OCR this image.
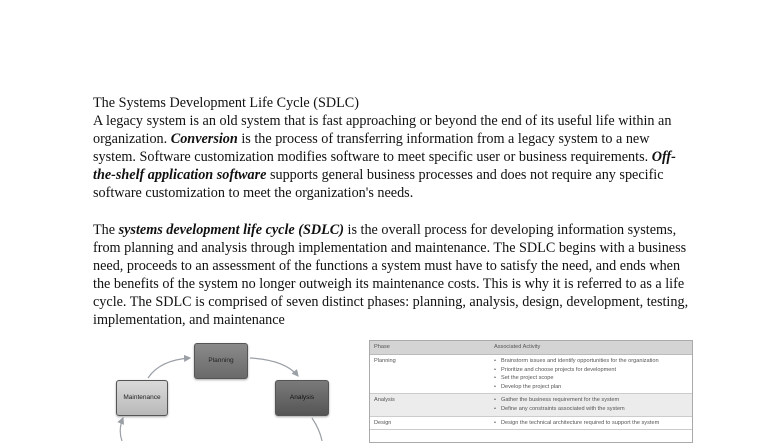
The Systems Development Life Cycle (SDLC)

A legacy system is an old system that is fast approaching or beyond the end of its useful life within an organization. Conversion is the process of transferring information from a legacy system to a new system. Software customization modifies software to meet specific user or business requirements. Off-the-shelf application software supports general business processes and does not require any specific software customization to meet the organization's needs.

The systems development life cycle (SDLC) is the overall process for developing information systems, from planning and analysis through implementation and maintenance. The SDLC begins with a business need, proceeds to an assessment of the functions a system must have to satisfy the need, and ends when the benefits of the system no longer outweigh its maintenance costs. This is why it is referred to as a life cycle. The SDLC is comprised of seven distinct phases: planning, analysis, design, development, testing, implementation, and maintenance

Planning
Maintenance	Analysis
Phase	Associated Activity
Planning	• Brainstorm issues and identify opportunities for the organization
• Prioritize and choose projects for development
• Set the project scope
• Develop the project plan
Analysis	• Gather the business requirement for the system
• Define any constraints associated with the system
Design	• Design the technical architecture required to support the system
